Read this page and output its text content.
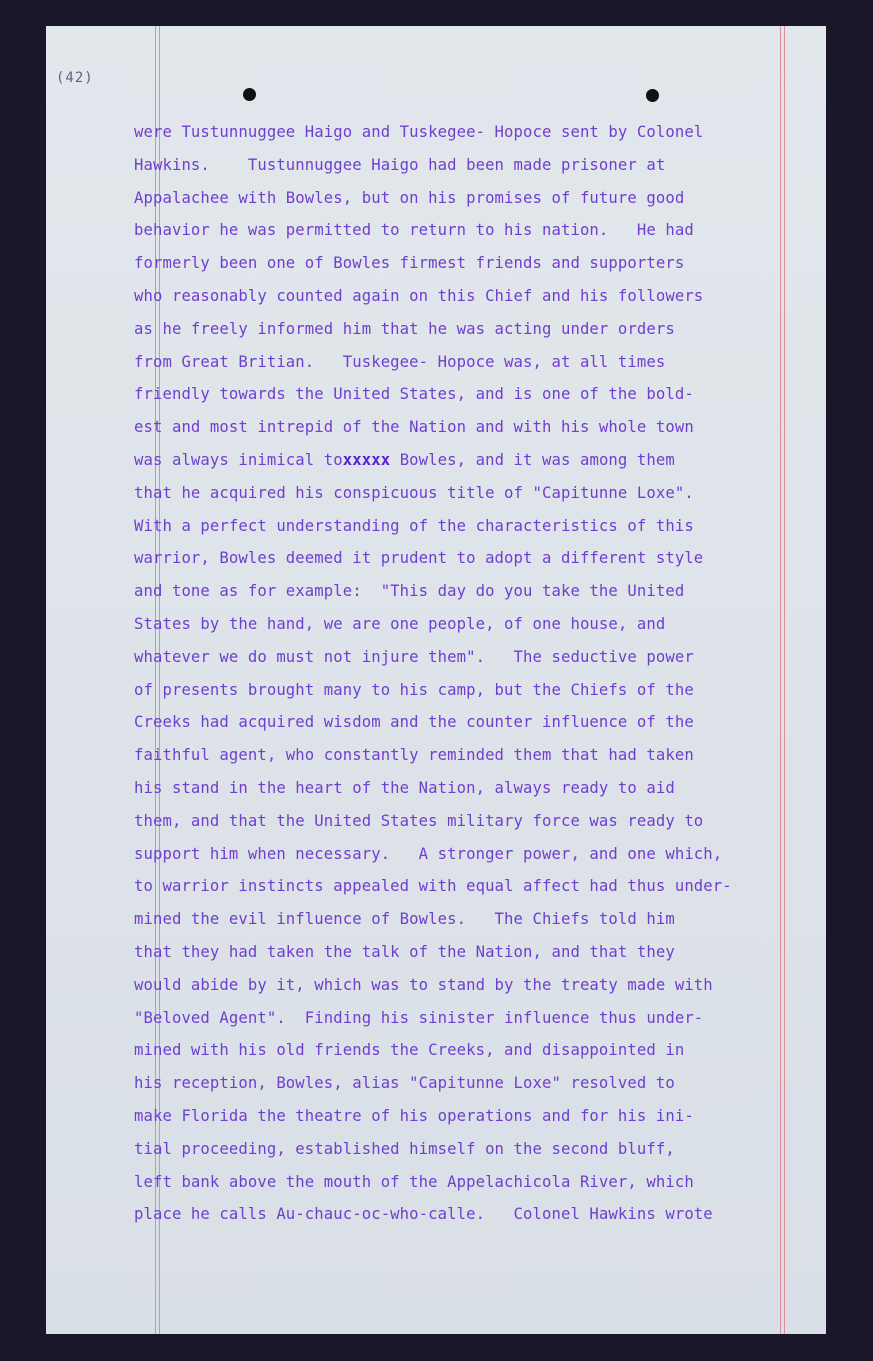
(42)
were Tustunnuggee Haigo and Tuskegee- Hopoce sent by Colonel
Hawkins.    Tustunnuggee Haigo had been made prisoner at
Appalachee with Bowles, but on his promises of future good
behavior he was permitted to return to his nation.   He had
formerly been one of Bowles firmest friends and supporters
who reasonably counted again on this Chief and his followers
as he freely informed him that he was acting under orders
from Great Britian.   Tuskegee- Hopoce was, at all times
friendly towards the United States, and is one of the bold-
est and most intrepid of the Nation and with his whole town
was always inimical toxxxxx Bowles, and it was among them
that he acquired his conspicuous title of "Capitunne Loxe".
With a perfect understanding of the characteristics of this
warrior, Bowles deemed it prudent to adopt a different style
and tone as for example:  "This day do you take the United
States by the hand, we are one people, of one house, and
whatever we do must not injure them".   The seductive power
of presents brought many to his camp, but the Chiefs of the
Creeks had acquired wisdom and the counter influence of the
faithful agent, who constantly reminded them that had taken
his stand in the heart of the Nation, always ready to aid
them, and that the United States military force was ready to
support him when necessary.   A stronger power, and one which,
to warrior instincts appealed with equal affect had thus under-
mined the evil influence of Bowles.   The Chiefs told him
that they had taken the talk of the Nation, and that they
would abide by it, which was to stand by the treaty made with
"Beloved Agent".  Finding his sinister influence thus under-
mined with his old friends the Creeks, and disappointed in
his reception, Bowles, alias "Capitunne Loxe" resolved to
make Florida the theatre of his operations and for his ini-
tial proceeding, established himself on the second bluff,
left bank above the mouth of the Appelachicola River, which
place he calls Au-chauc-oc-who-calle.   Colonel Hawkins wrote
